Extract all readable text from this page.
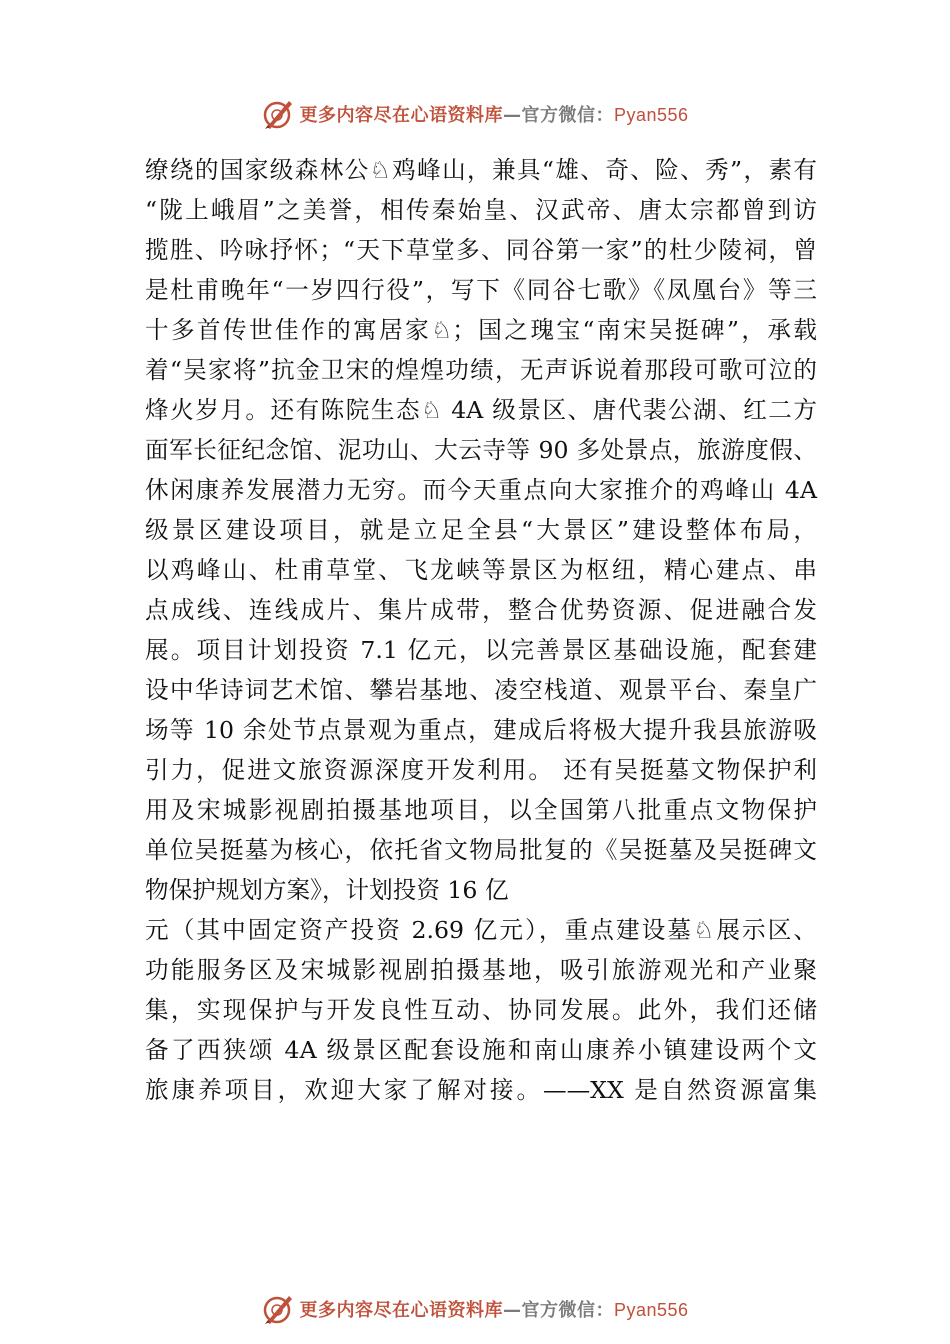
更多内容尽在心语资料库—官方微信：Pyan556
缭绕的国家级森林公♘鸡峰山，兼具“雄、奇、险、秀”，素有
“陇上峨眉”之美誉，相传秦始皇、汉武帝、唐太宗都曾到访
揽胜、吟咏抒怀；“天下草堂多、同谷第一家”的杜少陵祠，曾
是杜甫晚年“一岁四行役”，写下《同谷七歌》《凤凰台》等三
十多首传世佳作的寓居家♘；国之瑰宝“南宋吴挺碑”，承载
着“吴家将”抗金卫宋的煌煌功绩，无声诉说着那段可歌可泣的
烽火岁月。还有陈院生态♘ 4A 级景区、唐代裴公湖、红二方
面军长征纪念馆、泥功山、大云寺等 90 多处景点，旅游度假、
休闲康养发展潜力无穷。而今天重点向大家推介的鸡峰山 4A
级景区建设项目，就是立足全县“大景区”建设整体布局，
以鸡峰山、杜甫草堂、飞龙峡等景区为枢纽，精心建点、串
点成线、连线成片、集片成带，整合优势资源、促进融合发
展。项目计划投资 7.1 亿元，以完善景区基础设施，配套建
设中华诗词艺术馆、攀岩基地、凌空栈道、观景平台、秦皇广
场等 10 余处节点景观为重点，建成后将极大提升我县旅游吸
引力，促进文旅资源深度开发利用。 还有吴挺墓文物保护利
用及宋城影视剧拍摄基地项目，以全国第八批重点文物保护
单位吴挺墓为核心，依托省文物局批复的《吴挺墓及吴挺碑文
物保护规划方案》，计划投资 16 亿
元（其中固定资产投资 2.69 亿元），重点建设墓♘展示区、
功能服务区及宋城影视剧拍摄基地，吸引旅游观光和产业聚
集，实现保护与开发良性互动、协同发展。此外，我们还储
备了西狭颂 4A 级景区配套设施和南山康养小镇建设两个文
旅康养项目，欢迎大家了解对接。——XX 是自然资源富集
更多内容尽在心语资料库—官方微信：Pyan556
